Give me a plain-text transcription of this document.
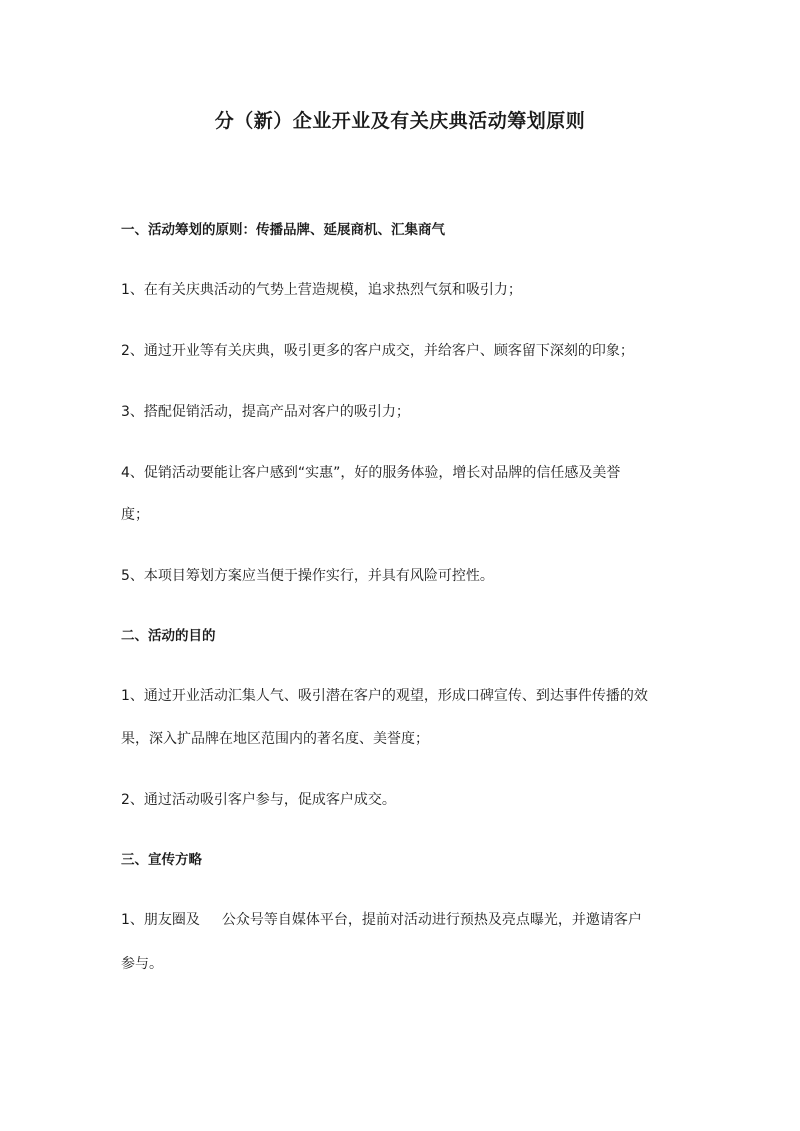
分（新）企业开业及有关庆典活动筹划原则

一、活动筹划的原则：传播品牌、延展商机、汇集商气

1、在有关庆典活动的气势上营造规模，追求热烈气氛和吸引力；

2、通过开业等有关庆典，吸引更多的客户成交，并给客户、顾客留下深刻的印象；

3、搭配促销活动，提高产品对客户的吸引力；

4、促销活动要能让客户感到“实惠”，好的服务体验，增长对品牌的信任感及美誉

度；

5、本项目筹划方案应当便于操作实行，并具有风险可控性。

二、活动的目的

1、通过开业活动汇集人气、吸引潜在客户的观望，形成口碑宣传、到达事件传播的效

果，深入扩品牌在地区范围内的著名度、美誉度；

2、通过活动吸引客户参与，促成客户成交。

三、宣传方略

1、朋友圈及 公众号等自媒体平台，提前对活动进行预热及亮点曝光，并邀请客户

参与。
